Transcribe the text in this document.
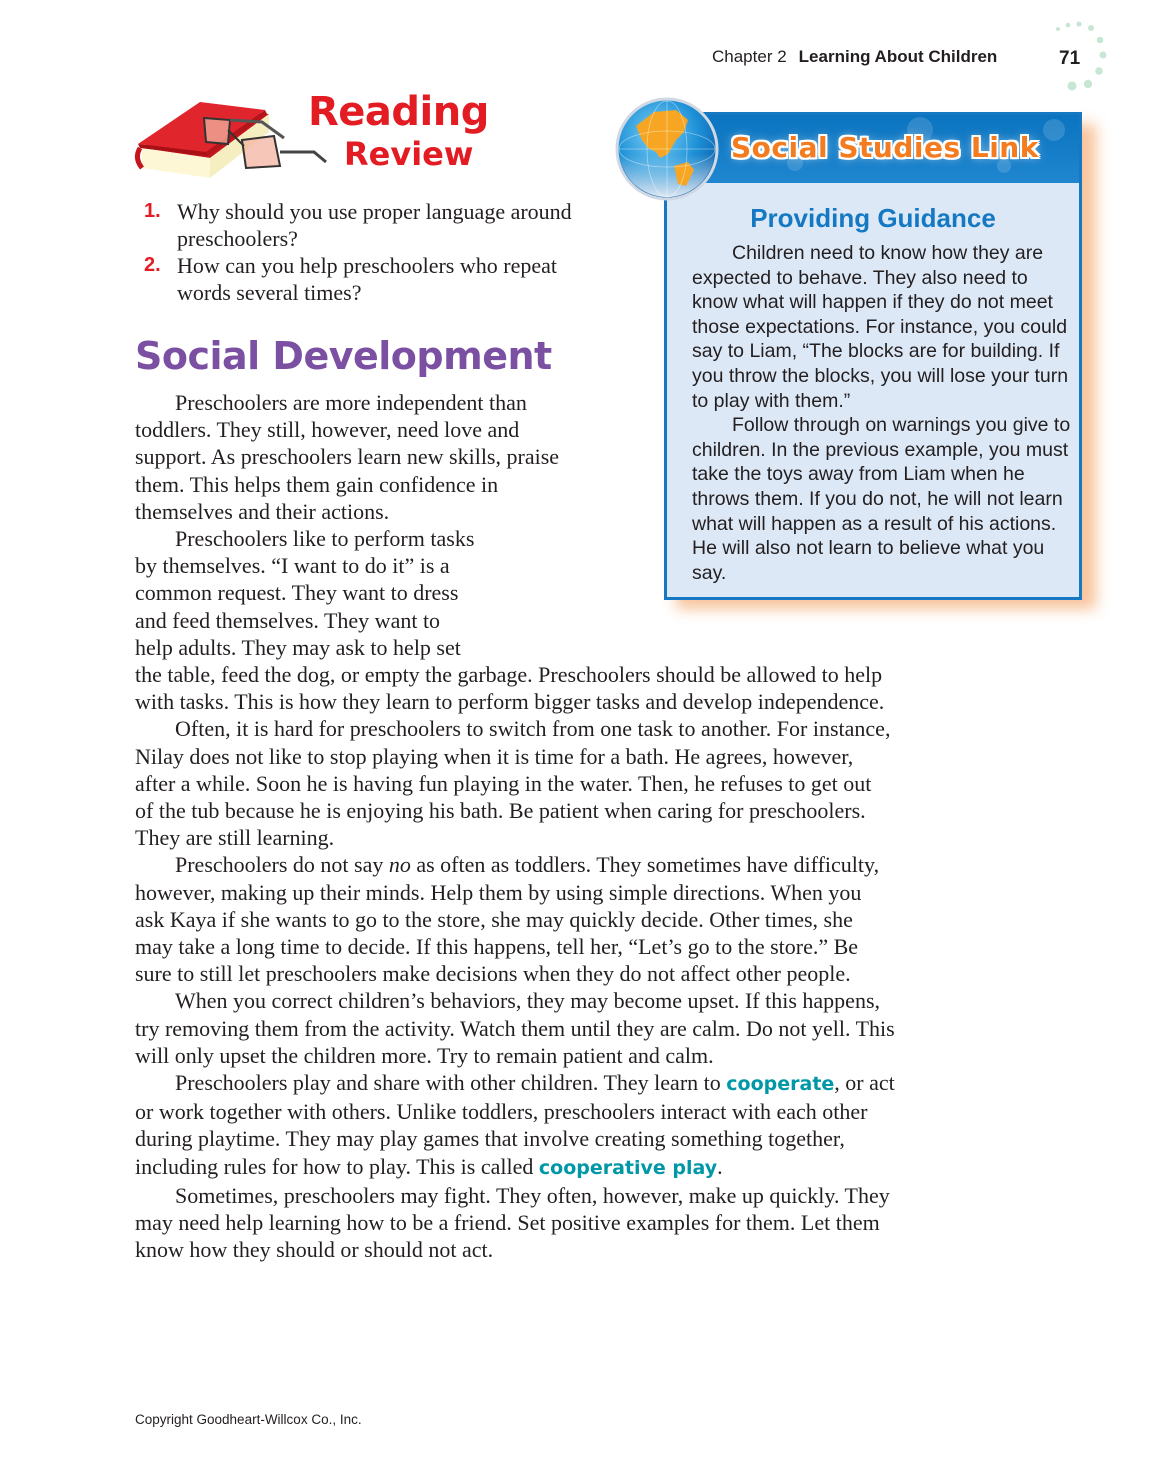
Chapter 2 Learning About Children	71
Reading
Review
1. Why should you use proper language around preschoolers?
2. How can you help preschoolers who repeat words several times?
Social Development
Social Studies Link
Providing Guidance

Children need to know how they are expected to behave. They also need to know what will happen if they do not meet those expectations. For instance, you could say to Liam, “The blocks are for building. If you throw the blocks, you will lose your turn to play with them.”

Follow through on warnings you give to children. In the previous example, you must take the toys away from Liam when he throws them. If you do not, he will not learn what will happen as a result of his actions. He will also not learn to believe what you say.

Preschoolers are more independent than toddlers. They still, however, need love and support. As preschoolers learn new skills, praise them. This helps them gain confidence in themselves and their actions.

Preschoolers like to perform tasks
by themselves. “I want to do it” is a
common request. They want to dress
and feed themselves. They want to
help adults. They may ask to help set
the table, feed the dog, or empty the garbage. Preschoolers should be allowed to help with tasks. This is how they learn to perform bigger tasks and develop independence.

Often, it is hard for preschoolers to switch from one task to another. For instance, Nilay does not like to stop playing when it is time for a bath. He agrees, however, after a while. Soon he is having fun playing in the water. Then, he refuses to get out of the tub because he is enjoying his bath. Be patient when caring for preschoolers. They are still learning.

Preschoolers do not say no as often as toddlers. They sometimes have difficulty, however, making up their minds. Help them by using simple directions. When you ask Kaya if she wants to go to the store, she may quickly decide. Other times, she may take a long time to decide. If this happens, tell her, “Let’s go to the store.” Be sure to still let preschoolers make decisions when they do not affect other people.

When you correct children’s behaviors, they may become upset. If this happens, try removing them from the activity. Watch them until they are calm. Do not yell. This will only upset the children more. Try to remain patient and calm.

Preschoolers play and share with other children. They learn to cooperate, or act or work together with others. Unlike toddlers, preschoolers interact with each other during playtime. They may play games that involve creating something together, including rules for how to play. This is called cooperative play.

Sometimes, preschoolers may fight. They often, however, make up quickly. They may need help learning how to be a friend. Set positive examples for them. Let them know how they should or should not act.

Copyright Goodheart-Willcox Co., Inc.
